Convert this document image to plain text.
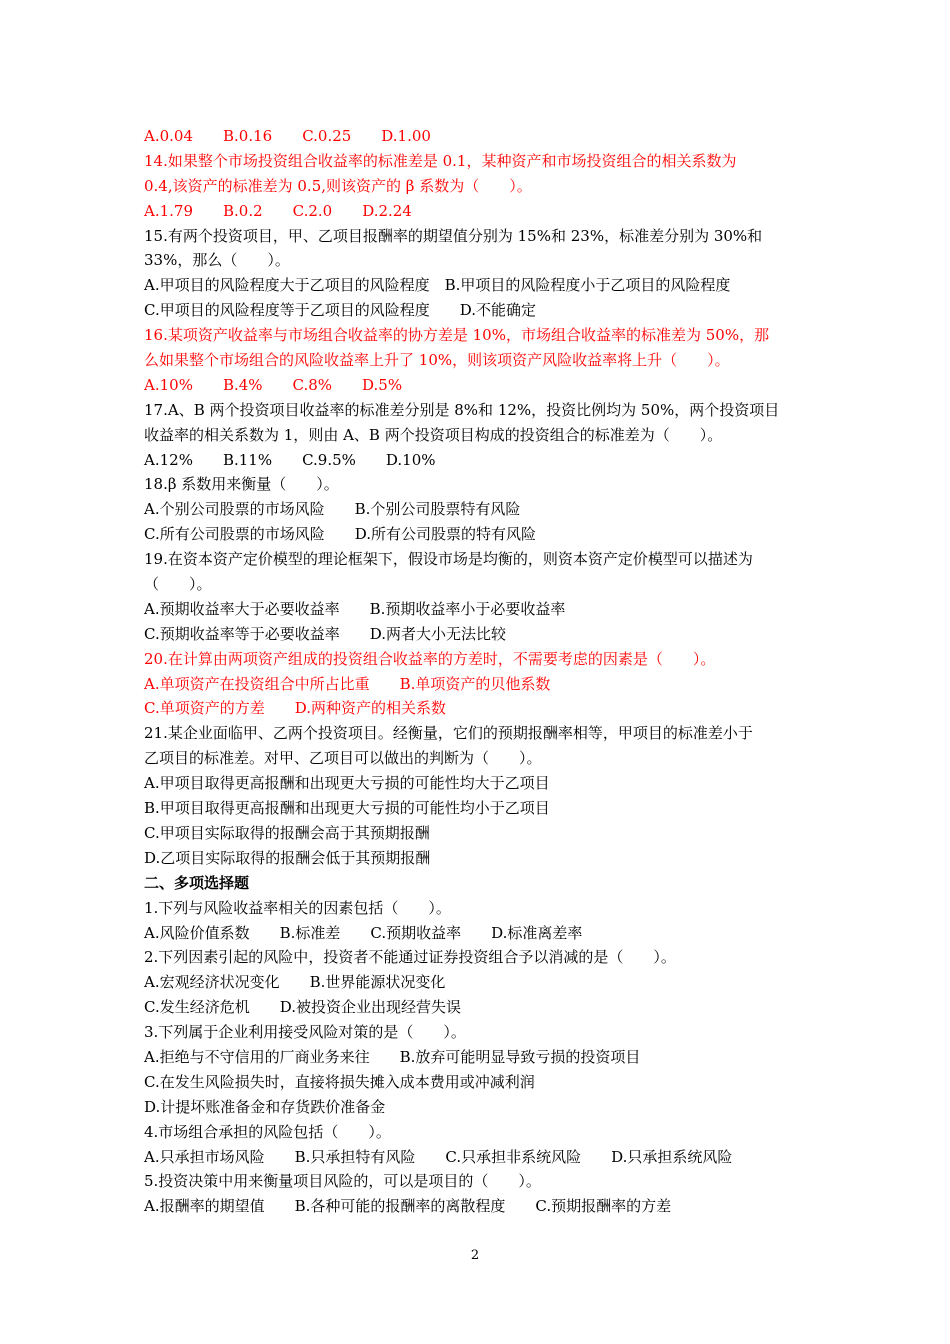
A.0.04　　B.0.16　　C.0.25　　D.1.00
14.如果整个市场投资组合收益率的标准差是 0.1，某种资产和市场投资组合的相关系数为
0.4,该资产的标准差为 0.5,则该资产的 β 系数为（　　）。
A.1.79　　B.0.2　　C.2.0　　D.2.24
15.有两个投资项目，甲、乙项目报酬率的期望值分别为 15%和 23%，标准差分别为 30%和
33%，那么（　　）。
A.甲项目的风险程度大于乙项目的风险程度　B.甲项目的风险程度小于乙项目的风险程度
C.甲项目的风险程度等于乙项目的风险程度　　D.不能确定
16.某项资产收益率与市场组合收益率的协方差是 10%，市场组合收益率的标准差为 50%，那
么如果整个市场组合的风险收益率上升了 10%，则该项资产风险收益率将上升（　　）。
A.10%　　B.4%　　C.8%　　D.5%
17.A、B 两个投资项目收益率的标准差分别是 8%和 12%，投资比例均为 50%，两个投资项目
收益率的相关系数为 1，则由 A、B 两个投资项目构成的投资组合的标准差为（　　）。
A.12%　　B.11%　　C.9.5%　　D.10%
18.β 系数用来衡量（　　）。
A.个别公司股票的市场风险　　B.个别公司股票特有风险
C.所有公司股票的市场风险　　D.所有公司股票的特有风险
19.在资本资产定价模型的理论框架下，假设市场是均衡的，则资本资产定价模型可以描述为
（　　）。
A.预期收益率大于必要收益率　　B.预期收益率小于必要收益率
C.预期收益率等于必要收益率　　D.两者大小无法比较
20.在计算由两项资产组成的投资组合收益率的方差时，不需要考虑的因素是（　　）。
A.单项资产在投资组合中所占比重　　B.单项资产的贝他系数
C.单项资产的方差　　D.两种资产的相关系数
21.某企业面临甲、乙两个投资项目。经衡量，它们的预期报酬率相等，甲项目的标准差小于
乙项目的标准差。对甲、乙项目可以做出的判断为（　　）。
A.甲项目取得更高报酬和出现更大亏损的可能性均大于乙项目
B.甲项目取得更高报酬和出现更大亏损的可能性均小于乙项目
C.甲项目实际取得的报酬会高于其预期报酬
D.乙项目实际取得的报酬会低于其预期报酬
二、多项选择题
1.下列与风险收益率相关的因素包括（　　）。
A.风险价值系数　　B.标准差　　C.预期收益率　　D.标准离差率
2.下列因素引起的风险中，投资者不能通过证券投资组合予以消减的是（　　）。
A.宏观经济状况变化　　B.世界能源状况变化
C.发生经济危机　　D.被投资企业出现经营失误
3.下列属于企业利用接受风险对策的是（　　）。
A.拒绝与不守信用的厂商业务来往　　B.放弃可能明显导致亏损的投资项目
C.在发生风险损失时，直接将损失摊入成本费用或冲减利润
D.计提坏账准备金和存货跌价准备金
4.市场组合承担的风险包括（　　）。
A.只承担市场风险　　B.只承担特有风险　　C.只承担非系统风险　　D.只承担系统风险
5.投资决策中用来衡量项目风险的，可以是项目的（　　）。
A.报酬率的期望值　　B.各种可能的报酬率的离散程度　　C.预期报酬率的方差
2
